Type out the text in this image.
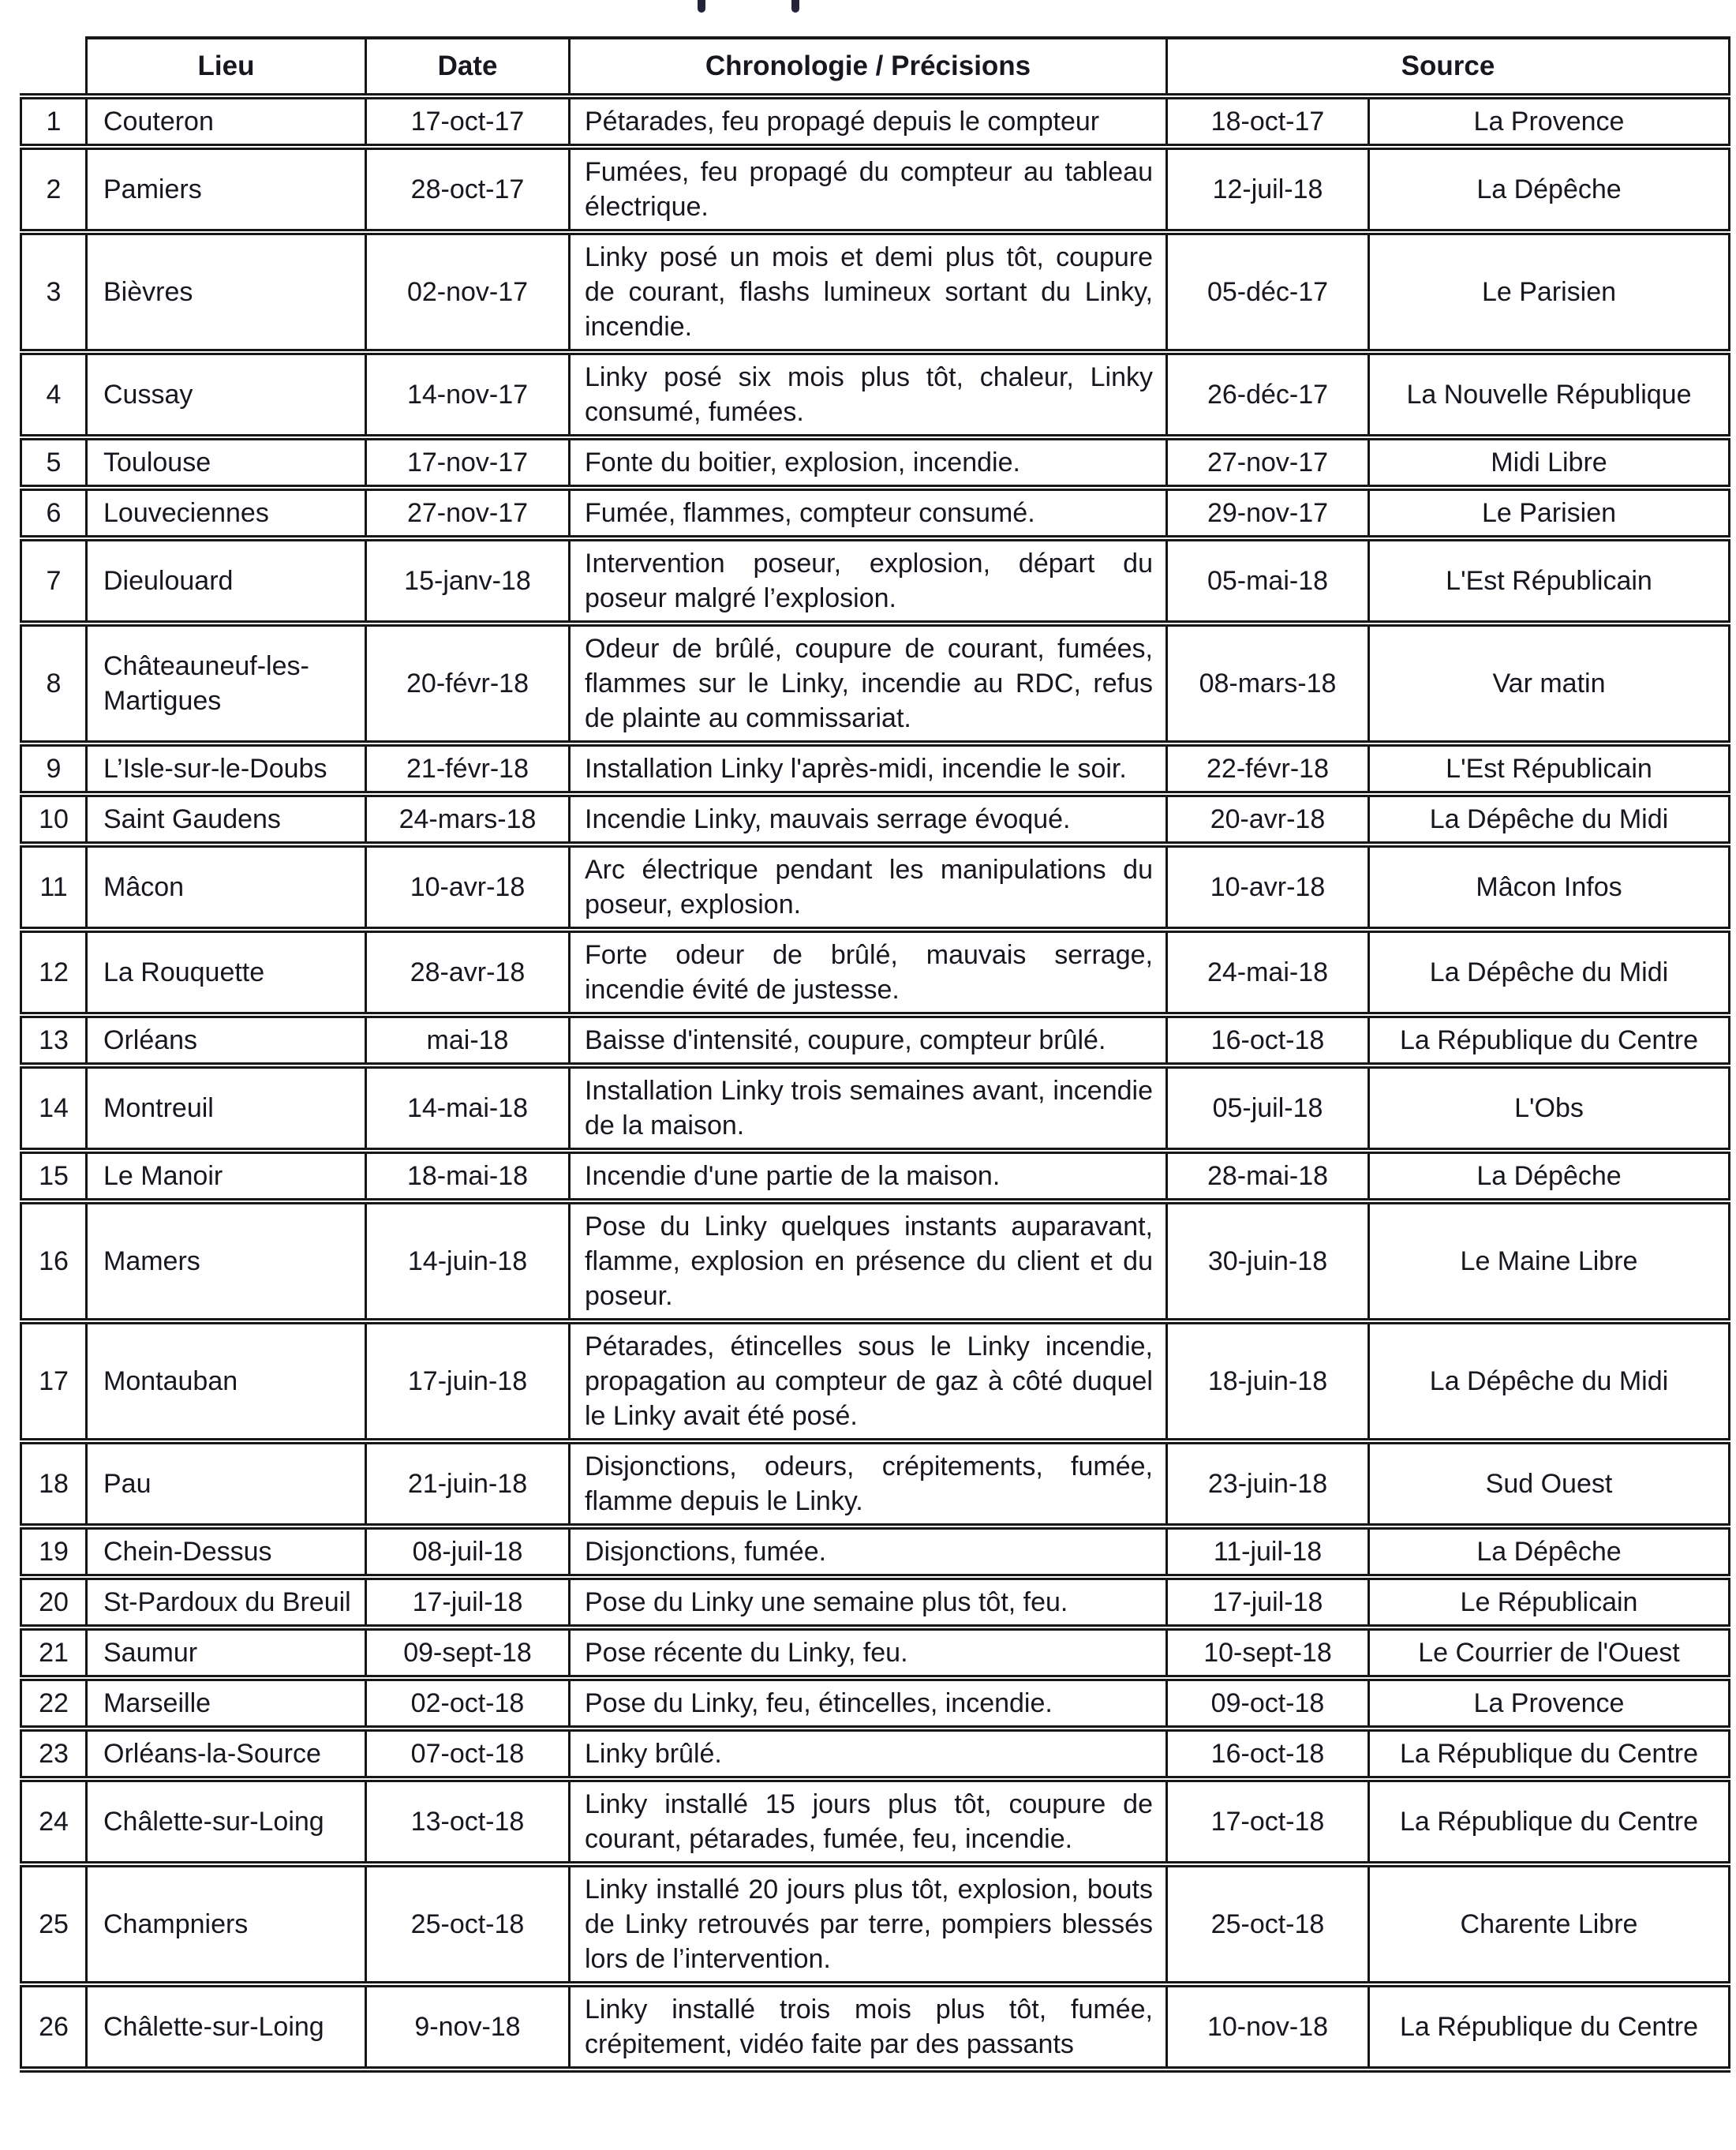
	Lieu	Date	Chronologie / Précisions	Source	
1	Couteron	17-oct-17	Pétarades, feu propagé depuis le compteur	18-oct-17	La Provence
2	Pamiers	28-oct-17	Fumées, feu propagé du compteur au tableau électrique.	12-juil-18	La Dépêche
3	Bièvres	02-nov-17	Linky posé un mois et demi plus tôt, coupure de courant, flashs lumineux sortant du Linky, incendie.	05-déc-17	Le Parisien
4	Cussay	14-nov-17	Linky posé six mois plus tôt, chaleur, Linky consumé, fumées.	26-déc-17	La Nouvelle République
5	Toulouse	17-nov-17	Fonte du boitier, explosion, incendie.	27-nov-17	Midi Libre
6	Louveciennes	27-nov-17	Fumée, flammes, compteur consumé.	29-nov-17	Le Parisien
7	Dieulouard	15-janv-18	Intervention poseur, explosion, départ du poseur malgré l’explosion.	05-mai-18	L'Est Républicain
8	Châteauneuf-les-Martigues	20-févr-18	Odeur de brûlé, coupure de courant, fumées, flammes sur le Linky, incendie au RDC, refus de plainte au commissariat.	08-mars-18	Var matin
9	L’Isle-sur-le-Doubs	21-févr-18	Installation Linky l'après-midi, incendie le soir.	22-févr-18	L'Est Républicain
10	Saint Gaudens	24-mars-18	Incendie Linky, mauvais serrage évoqué.	20-avr-18	La Dépêche du Midi
11	Mâcon	10-avr-18	Arc électrique pendant les manipulations du poseur, explosion.	10-avr-18	Mâcon Infos
12	La Rouquette	28-avr-18	Forte odeur de brûlé, mauvais serrage, incendie évité de justesse.	24-mai-18	La Dépêche du Midi
13	Orléans	mai-18	Baisse d'intensité, coupure, compteur brûlé.	16-oct-18	La République du Centre
14	Montreuil	14-mai-18	Installation Linky trois semaines avant, incendie de la maison.	05-juil-18	L'Obs
15	Le Manoir	18-mai-18	Incendie d'une partie de la maison.	28-mai-18	La Dépêche
16	Mamers	14-juin-18	Pose du Linky quelques instants auparavant, flamme, explosion en présence du client et du poseur.	30-juin-18	Le Maine Libre
17	Montauban	17-juin-18	Pétarades, étincelles sous le Linky incendie, propagation au compteur de gaz à côté duquel le Linky avait été posé.	18-juin-18	La Dépêche du Midi
18	Pau	21-juin-18	Disjonctions, odeurs, crépitements, fumée, flamme depuis le Linky.	23-juin-18	Sud Ouest
19	Chein-Dessus	08-juil-18	Disjonctions, fumée.	11-juil-18	La Dépêche
20	St-Pardoux du Breuil	17-juil-18	Pose du Linky une semaine plus tôt, feu.	17-juil-18	Le Républicain
21	Saumur	09-sept-18	Pose récente du Linky, feu.	10-sept-18	Le Courrier de l'Ouest
22	Marseille	02-oct-18	Pose du Linky, feu, étincelles, incendie.	09-oct-18	La Provence
23	Orléans-la-Source	07-oct-18	Linky brûlé.	16-oct-18	La République du Centre
24	Châlette-sur-Loing	13-oct-18	Linky installé 15 jours plus tôt, coupure de courant, pétarades, fumée, feu, incendie.	17-oct-18	La République du Centre
25	Champniers	25-oct-18	Linky installé 20 jours plus tôt, explosion, bouts de Linky retrouvés par terre, pompiers blessés lors de l’intervention.	25-oct-18	Charente Libre
26	Châlette-sur-Loing	9-nov-18	Linky installé trois mois plus tôt, fumée, crépitement, vidéo faite par des passants	10-nov-18	La République du Centre
